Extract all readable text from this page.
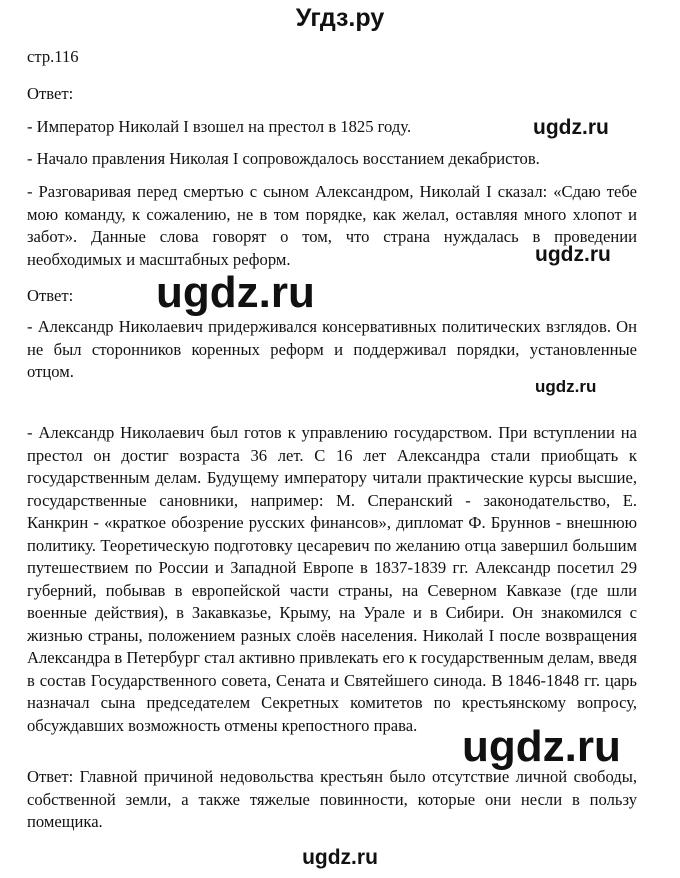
Угдз.ру
стр.116
Ответ:
- Император Николай I взошел на престол в 1825 году.
- Начало правления Николая I сопровождалось восстанием декабристов.
- Разговаривая перед смертью с сыном Александром, Николай I сказал: «Сдаю тебе мою команду, к сожалению, не в том порядке, как желал, оставляя много хлопот и забот». Данные слова говорят о том, что страна нуждалась в проведении необходимых и масштабных реформ.
Ответ:
- Александр Николаевич придерживался консервативных политических взглядов. Он не был сторонников коренных реформ и поддерживал порядки, установленные отцом.
- Александр Николаевич был готов к управлению государством. При вступлении на престол он достиг возраста 36 лет. С 16 лет Александра стали приобщать к государственным делам. Будущему императору читали практические курсы высшие, государственные сановники, например: М. Сперанский - законодательство, Е. Канкрин - «краткое обозрение русских финансов», дипломат Ф. Бруннов - внешнюю политику. Теоретическую подготовку цесаревич по желанию отца завершил большим путешествием по России и Западной Европе в 1837-1839 гг. Александр посетил 29 губерний, побывав в европейской части страны, на Северном Кавказе (где шли военные действия), в Закавказье, Крыму, на Урале и в Сибири. Он знакомился с жизнью страны, положением разных слоёв населения. Николай I после возвращения Александра в Петербург стал активно привлекать его к государственным делам, введя в состав Государственного совета, Сената и Святейшего синода. В 1846-1848 гг. царь назначал сына председателем Секретных комитетов по крестьянскому вопросу, обсуждавших возможность отмены крепостного права.
Ответ: Главной причиной недовольства крестьян было отсутствие личной свободы, собственной земли, а также тяжелые повинности, которые они несли в пользу помещика.
ugdz.ru
ugdz.ru
ugdz.ru
ugdz.ru
ugdz.ru
ugdz.ru
